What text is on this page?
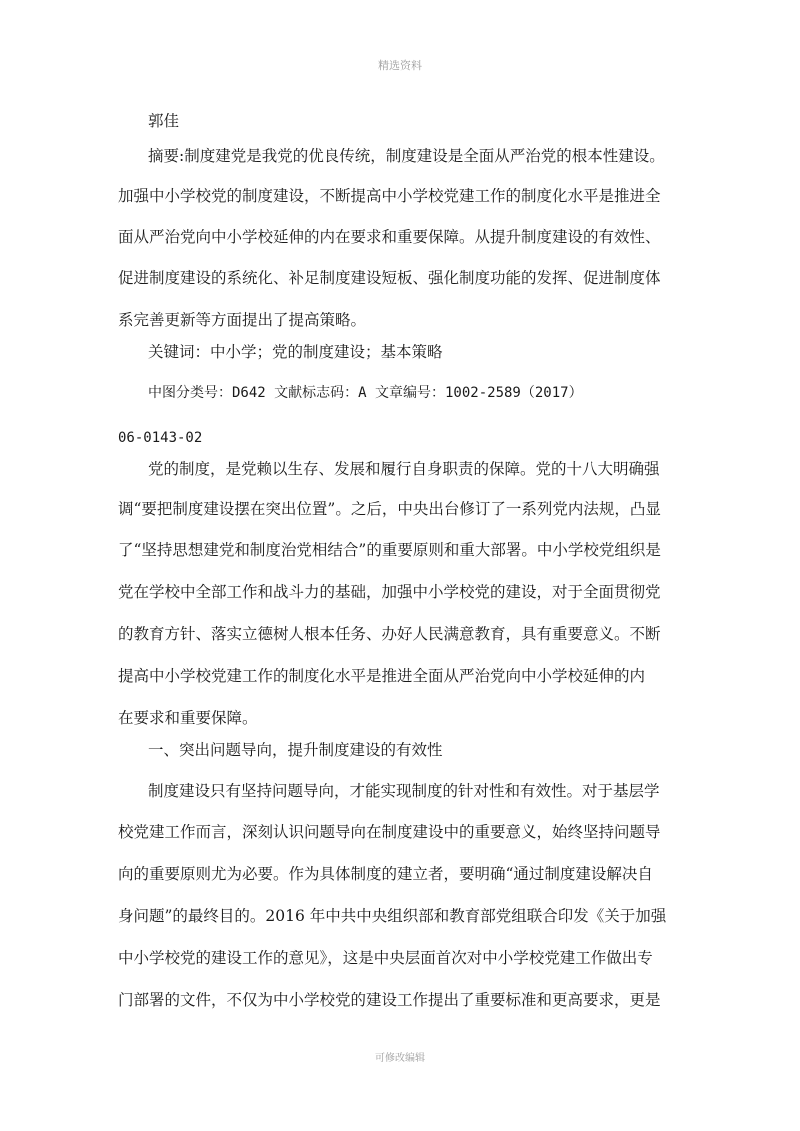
精选资料
郭佳
摘要:制度建党是我党的优良传统，制度建设是全面从严治党的根本性建设。
加强中小学校党的制度建设，不断提高中小学校党建工作的制度化水平是推进全
面从严治党向中小学校延伸的内在要求和重要保障。从提升制度建设的有效性、
促进制度建设的系统化、补足制度建设短板、强化制度功能的发挥、促进制度体
系完善更新等方面提出了提高策略。
关键词：中小学；党的制度建设；基本策略
中图分类号：D642 文献标志码：A 文章编号：1002-2589（2017）
06-0143-02
党的制度，是党赖以生存、发展和履行自身职责的保障。党的十八大明确强
调“要把制度建设摆在突出位置”。之后，中央出台修订了一系列党内法规，凸显
了“坚持思想建党和制度治党相结合”的重要原则和重大部署。中小学校党组织是
党在学校中全部工作和战斗力的基础，加强中小学校党的建设，对于全面贯彻党
的教育方针、落实立德树人根本任务、办好人民满意教育，具有重要意义。不断
提高中小学校党建工作的制度化水平是推进全面从严治党向中小学校延伸的内
在要求和重要保障。
一、突出问题导向，提升制度建设的有效性
制度建设只有坚持问题导向，才能实现制度的针对性和有效性。对于基层学
校党建工作而言，深刻认识问题导向在制度建设中的重要意义，始终坚持问题导
向的重要原则尤为必要。作为具体制度的建立者，要明确“通过制度建设解决自
身问题”的最终目的。2016 年中共中央组织部和教育部党组联合印发《关于加强
中小学校党的建设工作的意见》，这是中央层面首次对中小学校党建工作做出专
门部署的文件，不仅为中小学校党的建设工作提出了重要标准和更高要求，更是
可修改编辑
